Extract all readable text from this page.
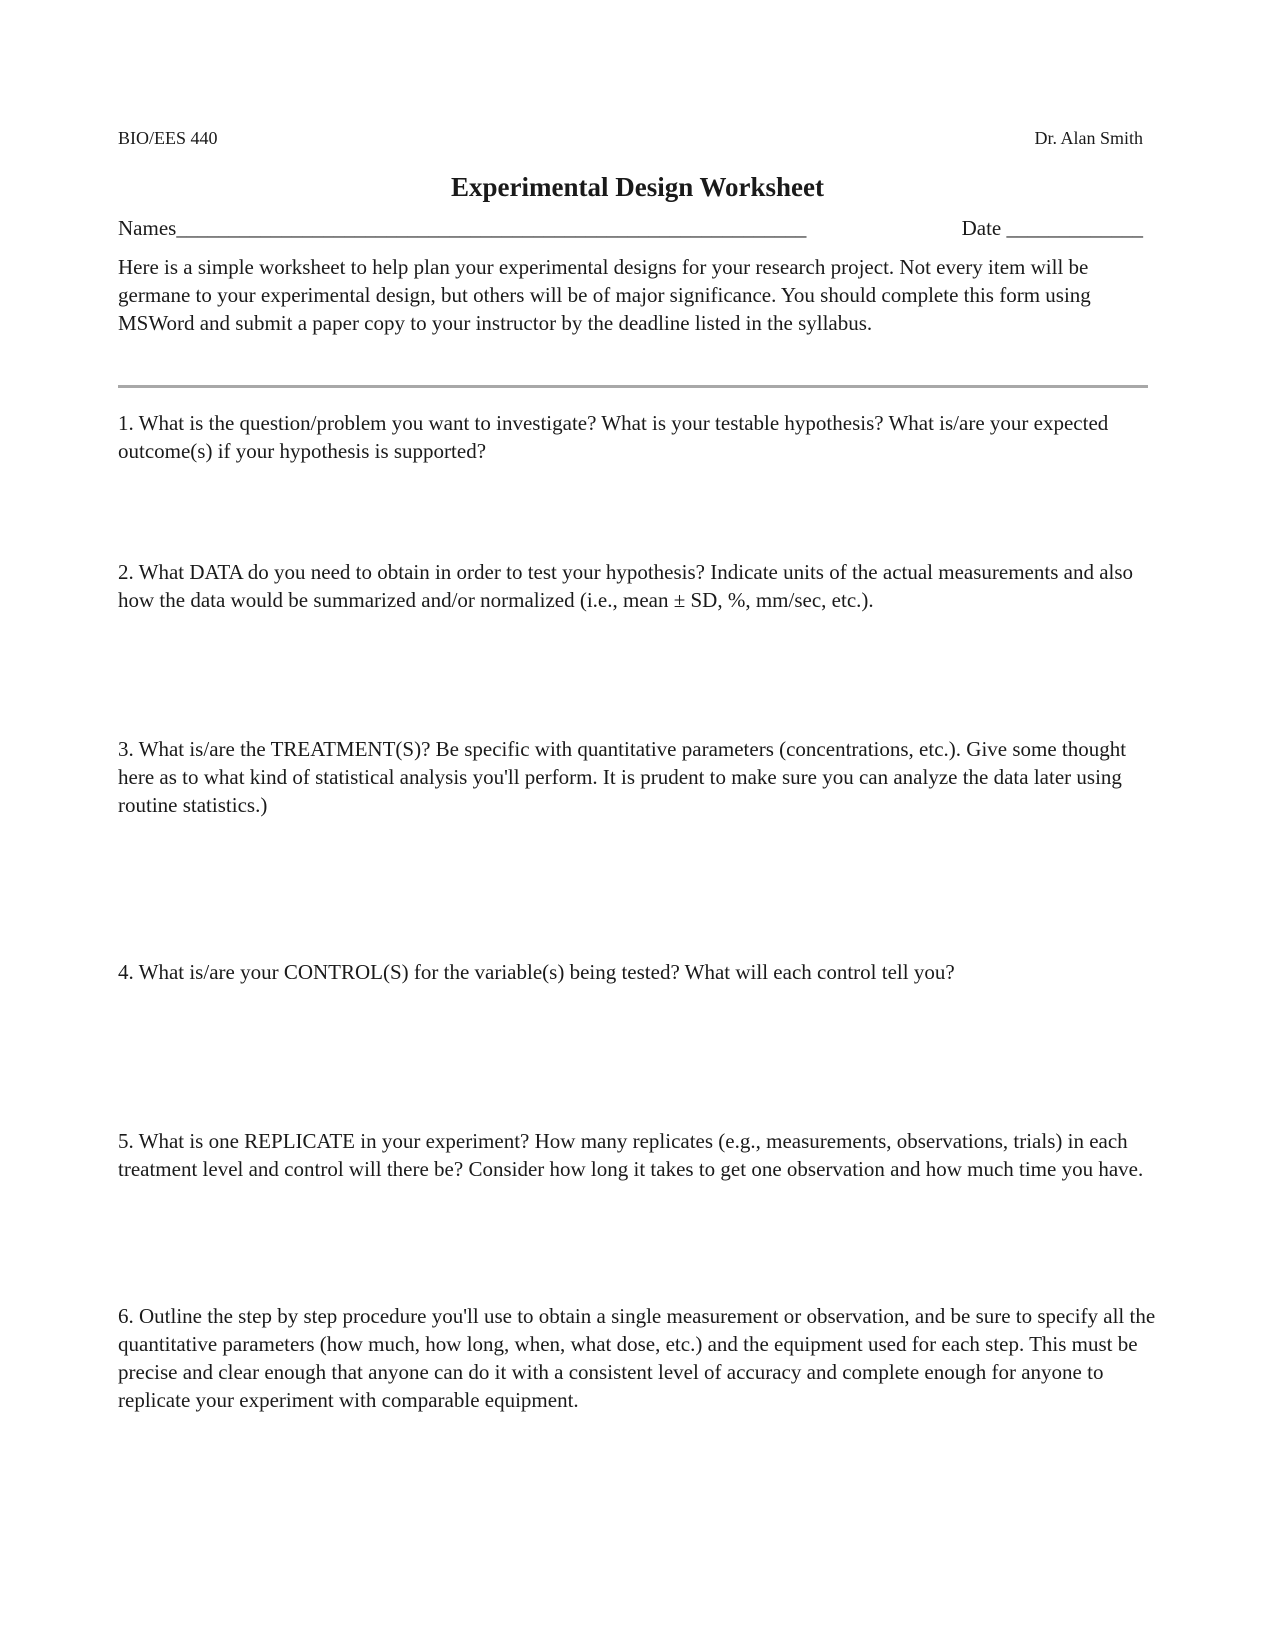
BIO/EES 440	Dr. Alan Smith
Experimental Design Worksheet
Names____________________________________________________________	Date _____________
Here is a simple worksheet to help plan your experimental designs for your research project. Not every item will be germane to your experimental design, but others will be of major significance. You should complete this form using MSWord and submit a paper copy to your instructor by the deadline listed in the syllabus.
1. What is the question/problem you want to investigate? What is your testable hypothesis? What is/are your expected outcome(s) if your hypothesis is supported?
2. What DATA do you need to obtain in order to test your hypothesis? Indicate units of the actual measurements and also how the data would be summarized and/or normalized (i.e., mean ± SD, %, mm/sec, etc.).
3. What is/are the TREATMENT(S)? Be specific with quantitative parameters (concentrations, etc.). Give some thought here as to what kind of statistical analysis you'll perform. It is prudent to make sure you can analyze the data later using routine statistics.)
4. What is/are your CONTROL(S) for the variable(s) being tested? What will each control tell you?
5. What is one REPLICATE in your experiment? How many replicates (e.g., measurements, observations, trials) in each treatment level and control will there be? Consider how long it takes to get one observation and how much time you have.
6. Outline the step by step procedure you'll use to obtain a single measurement or observation, and be sure to specify all the quantitative parameters (how much, how long, when, what dose, etc.) and the equipment used for each step. This must be precise and clear enough that anyone can do it with a consistent level of accuracy and complete enough for anyone to replicate your experiment with comparable equipment.
